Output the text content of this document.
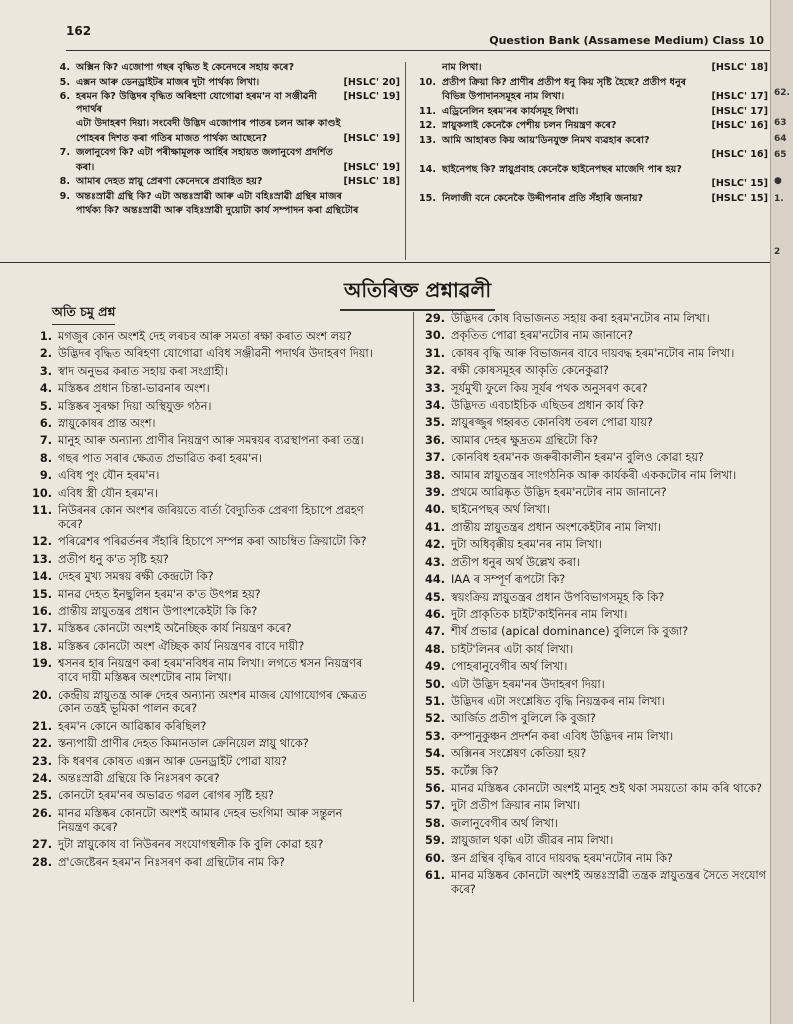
162
Question Bank (Assamese Medium) Class 10
4. অক্সিন কি? এজোপা গছৰ বৃদ্ধিত ই কেনেদৰে সহায় কৰে?
5. এক্সন আৰু ডেনড্ৰাইটৰ মাজৰ দুটা পাৰ্থক্য লিখা।	[HSLC' 20]
6. হৰমন কি? উদ্ভিদৰ বৃদ্ধিত অৰিহণা যোগোৱা হৰম'ন বা সঞ্জীৱনী পদাৰ্থৰ
[HSLC' 19]
এটা উদাহৰণ দিয়া। সংবেদী উদ্ভিদ এজোপাৰ পাতৰ চলন আৰু কাণ্ডই
পোহৰৰ দিশত কৰা গতিৰ মাজত পাৰ্থক্য আছেনে?	[HSLC' 19]
7. জলানুবেগ কি? এটা পৰীক্ষামূলক আৰ্হিৰ সহায়ত জলানুবেগ প্ৰদৰ্শিত
কৰা।	[HSLC' 19]
8. আমাৰ দেহত স্নায়ু প্ৰেৰণা কেনেদৰে প্ৰবাহিত হয়?	[HSLC' 18]
9. অন্তঃস্ৰাৱী গ্ৰন্থি কি? এটা অন্তঃস্ৰাৱী আৰু এটা বহিঃস্ৰাৱী গ্ৰন্থিৰ মাজৰ
পাৰ্থক্য কি? অন্তঃস্ৰাৱী আৰু বহিঃস্ৰাৱী দুয়োটা কাৰ্য সম্পাদন কৰা গ্ৰন্থিটোৰ
নাম লিখা।	[HSLC' 18]
10. প্ৰতীপ ক্ৰিয়া কি? প্ৰাণীৰ প্ৰতীপ ধনু কিয় সৃষ্টি হৈছে? প্ৰতীপ ধনুৰ
বিভিন্ন উপাদানসমূহৰ নাম লিখা।	[HSLC' 17]
11. এড্ৰিনেলিন হৰম'নৰ কাৰ্যসমূহ লিখা।	[HSLC' 17]
12. স্নায়ুকলাই কেনেকৈ পেশীয় চলন নিয়ন্ত্ৰণ কৰে?	[HSLC' 16]
13. আমি আহাৰত কিয় আয়'ডিনযুক্ত নিমখ ব্যৱহাৰ কৰো?
[HSLC' 16]
14. ছাইনেপছ কি? স্নায়ুপ্ৰবাহ কেনেকৈ ছাইনেপছৰ মাজেদি পাৰ হয়?
[HSLC' 15]
15. নিলাজী বনে কেনেকৈ উদ্দীপনাৰ প্ৰতি সঁহাৰি জনায়?	[HSLC' 15]
অতিৰিক্ত প্ৰশ্নাৱলী
অতি চমু প্ৰশ্ন
1. মগজুৰ কোন অংশই দেহ লৰচৰ আৰু সমতা ৰক্ষা কৰাত অংশ লয়?
2. উদ্ভিদৰ বৃদ্ধিত অৰিহণা যোগোৱা এবিধ সঞ্জীৱনী পদাৰ্থৰ উদাহৰণ দিয়া।
3. স্বাদ অনুভৱ কৰাত সহায় কৰা সংগ্ৰাহী।
4. মস্তিষ্কৰ প্ৰধান চিন্তা-ভাৱনাৰ অংশ।
5. মস্তিষ্কৰ সুৰক্ষা দিয়া অস্থিযুক্ত গঠন।
6. স্নায়ুকোষৰ প্ৰান্ত অংশ।
7. মানুহ আৰু অন্যান্য প্ৰাণীৰ নিয়ন্ত্ৰণ আৰু সমন্বয়ৰ ব্যৱস্থাপনা কৰা তন্ত্ৰ।
8. গছৰ পাত সৰাৰ ক্ষেত্ৰত প্ৰভাৱিত কৰা হৰম'ন।
9. এবিধ পুং যৌন হৰম'ন।
10. এবিধ স্ত্ৰী যৌন হৰম'ন।
11. নিউৰনৰ কোন অংশৰ জৰিয়তে বাৰ্তা বৈদ্যুতিক প্ৰেৰণা হিচাপে প্ৰৱহণ
কৰে?
12. পৰিৱেশৰ পৰিৱৰ্তনৰ সঁহাৰি হিচাপে সম্পন্ন কৰা আচম্বিত ক্ৰিয়াটো কি?
13. প্ৰতীপ ধনু ক'ত সৃষ্টি হয়?
14. দেহৰ মুখ্য সমন্বয় ৰক্ষী কেন্দ্ৰটো কি?
15. মানৱ দেহত ইনছুলিন হৰম'ন ক'ত উৎপন্ন হয়?
16. প্ৰান্তীয় স্নায়ুতন্ত্ৰৰ প্ৰধান উপাংশকেইটা কি কি?
17. মস্তিষ্কৰ কোনটো অংশই অনৈচ্ছিক কাৰ্য নিয়ন্ত্ৰণ কৰে?
18. মস্তিষ্কৰ কোনটো অংশ ঐচ্ছিক কাৰ্য নিয়ন্ত্ৰণৰ বাবে দায়ী?
19. শ্বসনৰ হাৰ নিয়ন্ত্ৰণ কৰা হৰম'নবিধৰ নাম লিখা। লগতে শ্বসন নিয়ন্ত্ৰণৰ
বাবে দায়ী মস্তিষ্কৰ অংশটোৰ নাম লিখা।
20. কেন্দ্ৰীয় স্নায়ুতন্ত্ৰ আৰু দেহৰ অন্যান্য অংশৰ মাজৰ যোগাযোগৰ ক্ষেত্ৰত
কোন তন্ত্ৰই ভূমিকা পালন কৰে?
21. হৰম'ন কোনে আৱিষ্কাৰ কৰিছিল?
22. স্তন্যপায়ী প্ৰাণীৰ দেহত কিমানডাল ক্ৰেনিয়েল স্নায়ু থাকে?
23. কি ধৰণৰ কোষত এক্সন আৰু ডেনড্ৰাইট পোৱা যায়?
24. অন্তঃস্ৰাৱী গ্ৰন্থিয়ে কি নিঃসৰণ কৰে?
25. কোনটো হৰম'নৰ অভাৱত গৱল ৰোগৰ সৃষ্টি হয়?
26. মানৱ মস্তিষ্কৰ কোনটো অংশই আমাৰ দেহৰ ভংগিমা আৰু সন্তুলন
নিয়ন্ত্ৰণ কৰে?
27. দুটা স্নায়ুকোষ বা নিউৰনৰ সংযোগস্থলীক কি বুলি কোৱা হয়?
28. প্ৰ'জেষ্টেৰন হৰম'ন নিঃসৰণ কৰা গ্ৰন্থিটোৰ নাম কি?
29. উদ্ভিদৰ কোষ বিভাজনত সহায় কৰা হৰম'নটোৰ নাম লিখা।
30. প্ৰকৃতিত পোৱা হৰম'নটোৰ নাম জানানে?
31. কোষৰ বৃদ্ধি আৰু বিভাজনৰ বাবে দায়বদ্ধ হৰম'নটোৰ নাম লিখা।
32. ৰক্ষী কোষসমূহৰ আকৃতি কেনেকুৱা?
33. সূৰ্যমুখী ফুলে কিয় সূৰ্যৰ পথক অনুসৰণ কৰে?
34. উদ্ভিদত এবচাইচিক এছিডৰ প্ৰধান কাৰ্য কি?
35. স্নায়ুৰজ্জুৰ গহ্বৰত কোনবিধ তৰল পোৱা যায়?
36. আমাৰ দেহৰ ক্ষুদ্ৰতম গ্ৰন্থিটো কি?
37. কোনবিধ হৰম'নক জৰুৰীকালীন হৰম'ন বুলিও কোৱা হয়?
38. আমাৰ স্নায়ুতন্ত্ৰৰ সাংগঠনিক আৰু কাৰ্যকৰী এককটোৰ নাম লিখা।
39. প্ৰথমে আৱিষ্কৃত উদ্ভিদ হৰম'নটোৰ নাম জানানে?
40. ছাইনেপছৰ অৰ্থ লিখা।
41. প্ৰান্তীয় স্নায়ুতন্ত্ৰৰ প্ৰধান অংশকেইটাৰ নাম লিখা।
42. দুটা অধিবৃক্কীয় হৰম'নৰ নাম লিখা।
43. প্ৰতীপ ধনুৰ অৰ্থ উল্লেখ কৰা।
44. IAA ৰ সম্পূৰ্ণ ৰূপটো কি?
45. স্বয়ংক্ৰিয় স্নায়ুতন্ত্ৰৰ প্ৰধান উপবিভাগসমূহ কি কি?
46. দুটা প্ৰাকৃতিক চাইট'কাইনিনৰ নাম লিখা।
47. শীৰ্ষ প্ৰভাৱ (apical dominance) বুলিলে কি বুজা?
48. চাইট'লিনৰ এটা কাৰ্য লিখা।
49. পোহৰানুবেগীৰ অৰ্থ লিখা।
50. এটা উদ্ভিদ হৰম'নৰ উদাহৰণ দিয়া।
51. উদ্ভিদৰ এটা সংশ্লেষিত বৃদ্ধি নিয়ন্ত্ৰকৰ নাম লিখা।
52. আৰ্জিত প্ৰতীপ বুলিলে কি বুজা?
53. কম্পানুকুঞ্চন প্ৰদৰ্শন কৰা এবিধ উদ্ভিদৰ নাম লিখা।
54. অক্সিনৰ সংশ্লেষণ কেতিয়া হয়?
55. কৰ্টেক্স কি?
56. মানৱ মস্তিষ্কৰ কোনটো অংশই মানুহ শুই থকা সময়তো কাম কৰি থাকে?
57. দুটা প্ৰতীপ ক্ৰিয়াৰ নাম লিখা।
58. জলানুবেগীৰ অৰ্থ লিখা।
59. স্নায়ুজাল থকা এটা জীৱৰ নাম লিখা।
60. স্তন গ্ৰন্থিৰ বৃদ্ধিৰ বাবে দায়বদ্ধ হৰম'নটোৰ নাম কি?
61. মানৱ মস্তিষ্কৰ কোনটো অংশই অন্তঃস্ৰাৱী তন্ত্ৰক স্নায়ুতন্ত্ৰৰ সৈতে সংযোগ
কৰে?
62.
63
64
65
●
1.
2
